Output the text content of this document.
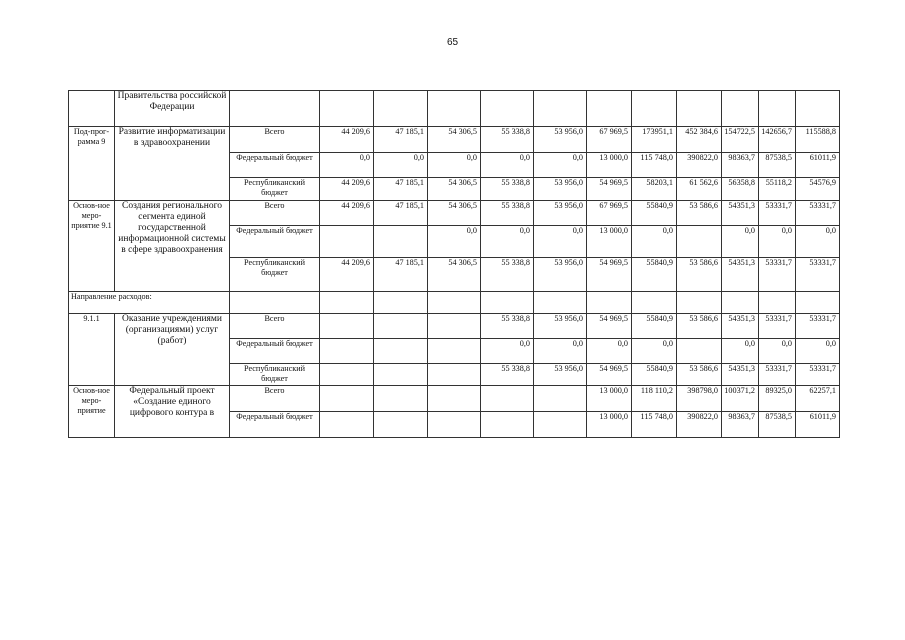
65
	Правительства российской Федерации												
Под-прог-рамма 9	Развитие информатизации в здравоохранении	Всего	44 209,6	47 185,1	54 306,5	55 338,8	53 956,0	67 969,5	173951,1	452 384,6	154722,5	142656,7	115588,8
		Федеральный бюджет	0,0	0,0	0,0	0,0	0,0	13 000,0	115 748,0	390822,0	98363,7	87538,5	61011,9
		Республиканский бюджет	44 209,6	47 185,1	54 306,5	55 338,8	53 956,0	54 969,5	58203,1	61 562,6	56358,8	55118,2	54576,9
Основ-ное меро-приятие 9.1	Создания регионального сегмента единой государственной информационной системы в сфере здравоохранения	Всего	44 209,6	47 185,1	54 306,5	55 338,8	53 956,0	67 969,5	55840,9	53 586,6	54351,3	53331,7	53331,7
		Федеральный бюджет			0,0	0,0	0,0	13 000,0	0,0		0,0	0,0	0,0
		Республиканский бюджет	44 209,6	47 185,1	54 306,5	55 338,8	53 956,0	54 969,5	55840,9	53 586,6	54351,3	53331,7	53331,7
Направление расходов:													
9.1.1	Оказание учреждениями (организациями) услуг (работ)	Всего				55 338,8	53 956,0	54 969,5	55840,9	53 586,6	54351,3	53331,7	53331,7
		Федеральный бюджет				0,0	0,0	0,0	0,0		0,0	0,0	0,0
		Республиканский бюджет				55 338,8	53 956,0	54 969,5	55840,9	53 586,6	54351,3	53331,7	53331,7
Основ-ное меро-приятие	Федеральный проект «Создание единого цифрового контура в	Всего						13 000,0	118 110,2	398798,0	100371,2	89325,0	62257,1
		Федеральный бюджет						13 000,0	115 748,0	390822,0	98363,7	87538,5	61011,9
